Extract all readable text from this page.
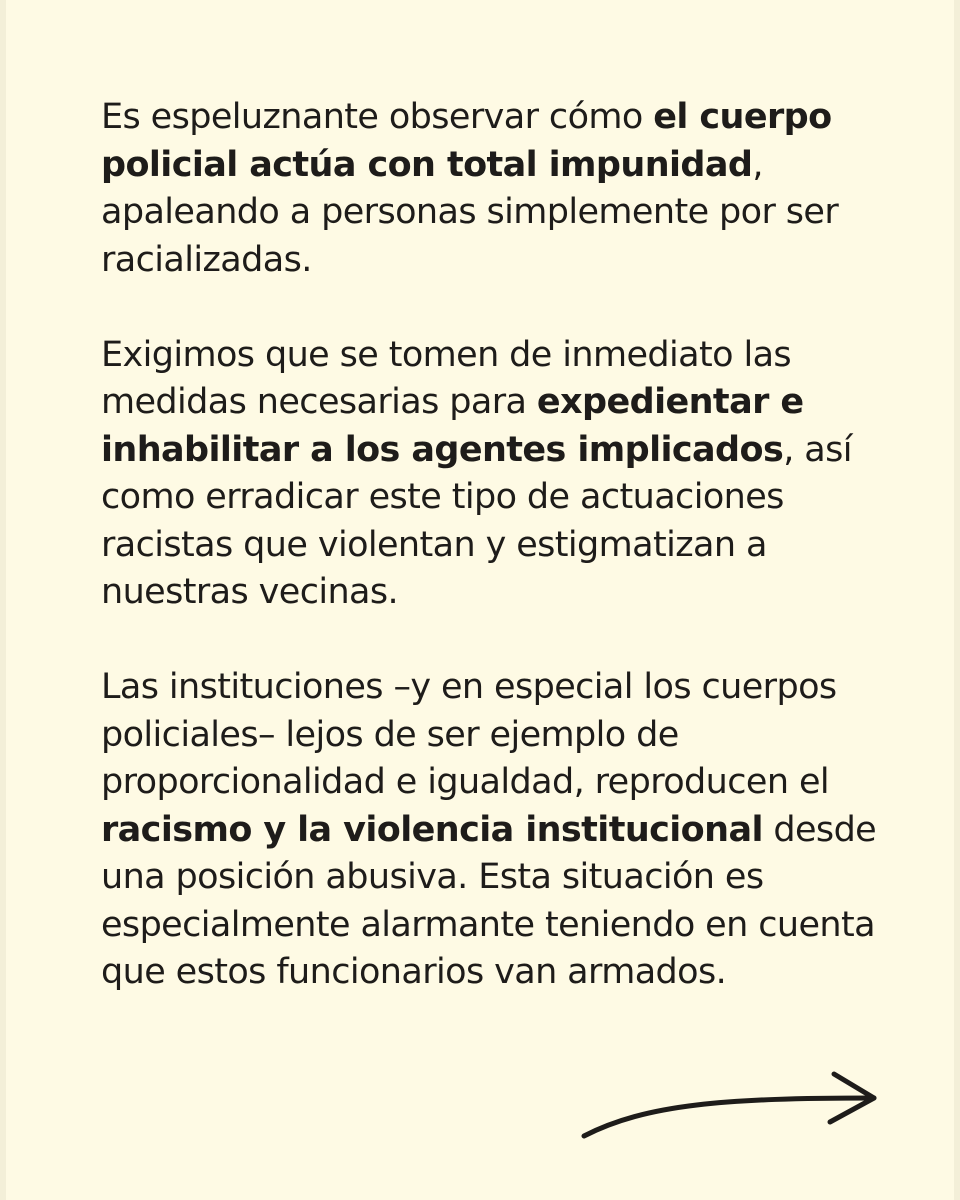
Es espeluznante observar cómo el cuerpo policial actúa con total impunidad, apaleando a personas simplemente por ser racializadas.

Exigimos que se tomen de inmediato las medidas necesarias para expedientar e inhabilitar a los agentes implicados, así como erradicar este tipo de actuaciones racistas que violentan y estigmatizan a nuestras vecinas.

Las instituciones –y en especial los cuerpos policiales– lejos de ser ejemplo de proporcionalidad e igualdad, reproducen el racismo y la violencia institucional desde una posición abusiva. Esta situación es especialmente alarmante teniendo en cuenta que estos funcionarios van armados.
